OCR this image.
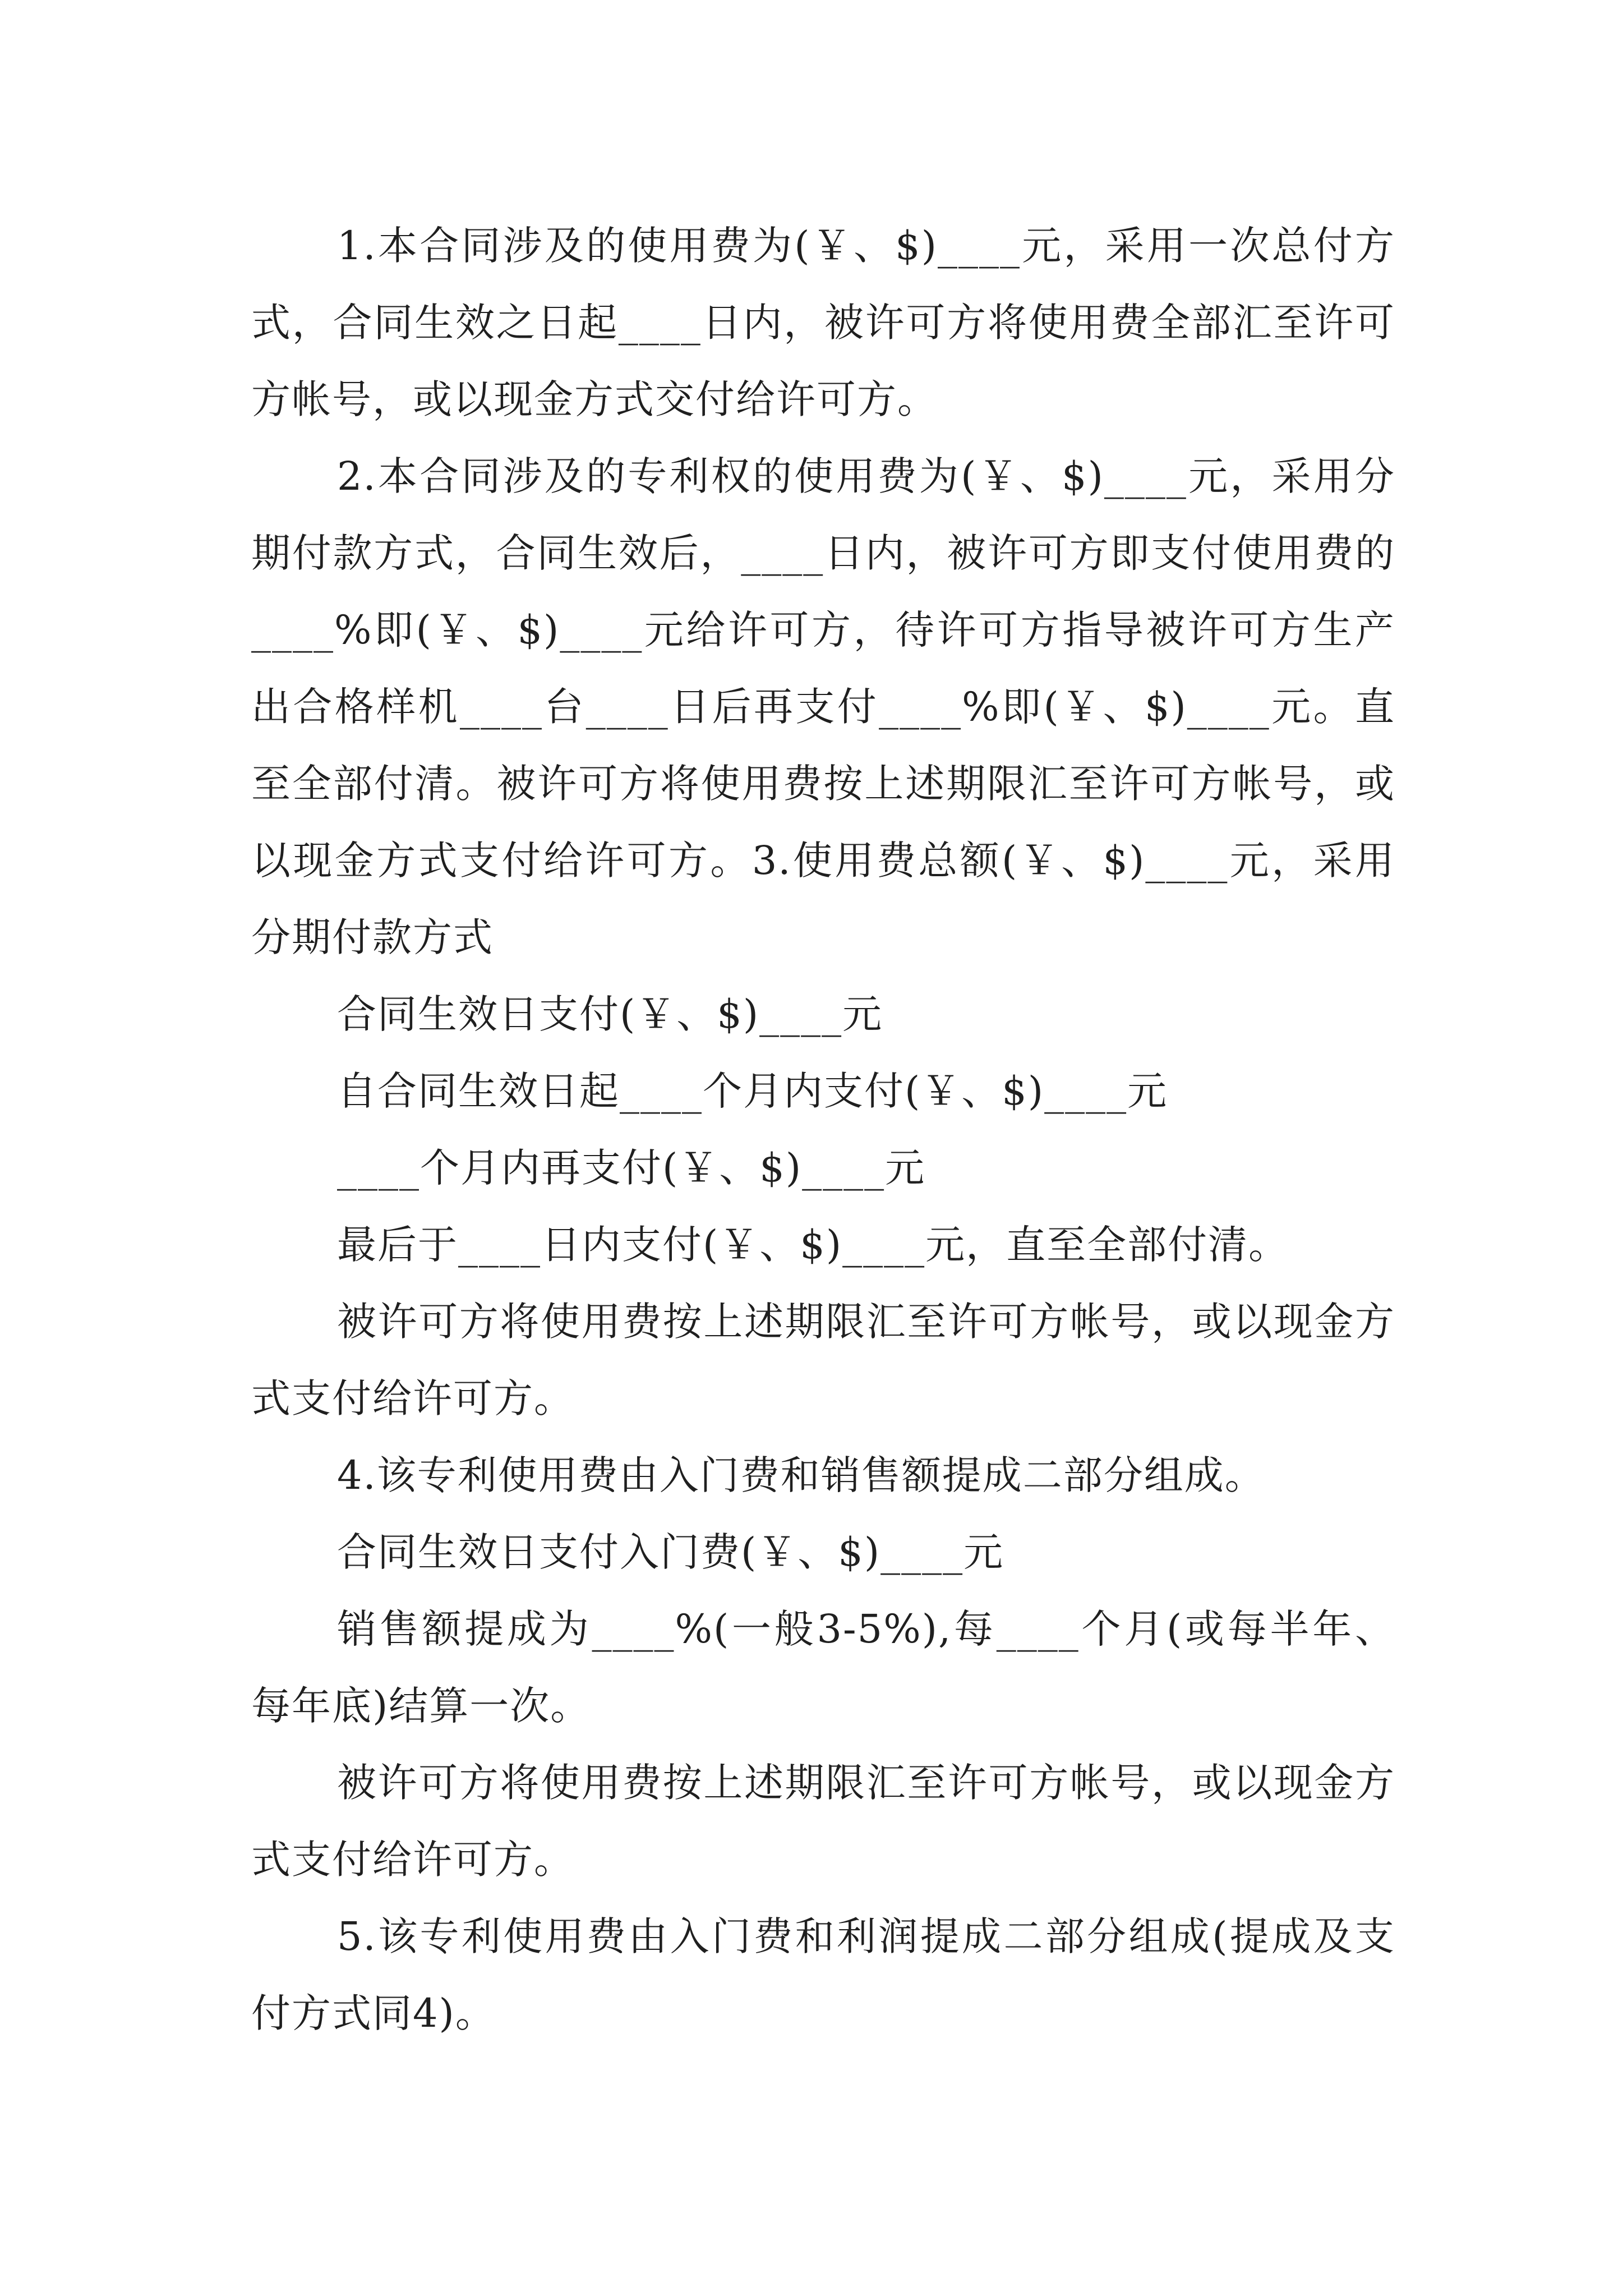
1.本合同涉及的使用费为(￥、$)____元，采用一次总付方式，合同生效之日起____日内，被许可方将使用费全部汇至许可方帐号，或以现金方式交付给许可方。

2.本合同涉及的专利权的使用费为(￥、$)____元，采用分期付款方式，合同生效后，____日内，被许可方即支付使用费的____%即(￥、$)____元给许可方，待许可方指导被许可方生产出合格样机____台____日后再支付____%即(￥、$)____元。直至全部付清。被许可方将使用费按上述期限汇至许可方帐号，或以现金方式支付给许可方。3.使用费总额(￥、$)____元，采用分期付款方式

合同生效日支付(￥、$)____元

自合同生效日起____个月内支付(￥、$)____元

____个月内再支付(￥、$)____元

最后于____日内支付(￥、$)____元，直至全部付清。

被许可方将使用费按上述期限汇至许可方帐号，或以现金方式支付给许可方。

4.该专利使用费由入门费和销售额提成二部分组成。

合同生效日支付入门费(￥、$)____元

销售额提成为____%(一般3-5%),每____个月(或每半年、每年底)结算一次。

被许可方将使用费按上述期限汇至许可方帐号，或以现金方式支付给许可方。

5.该专利使用费由入门费和利润提成二部分组成(提成及支付方式同4)。
